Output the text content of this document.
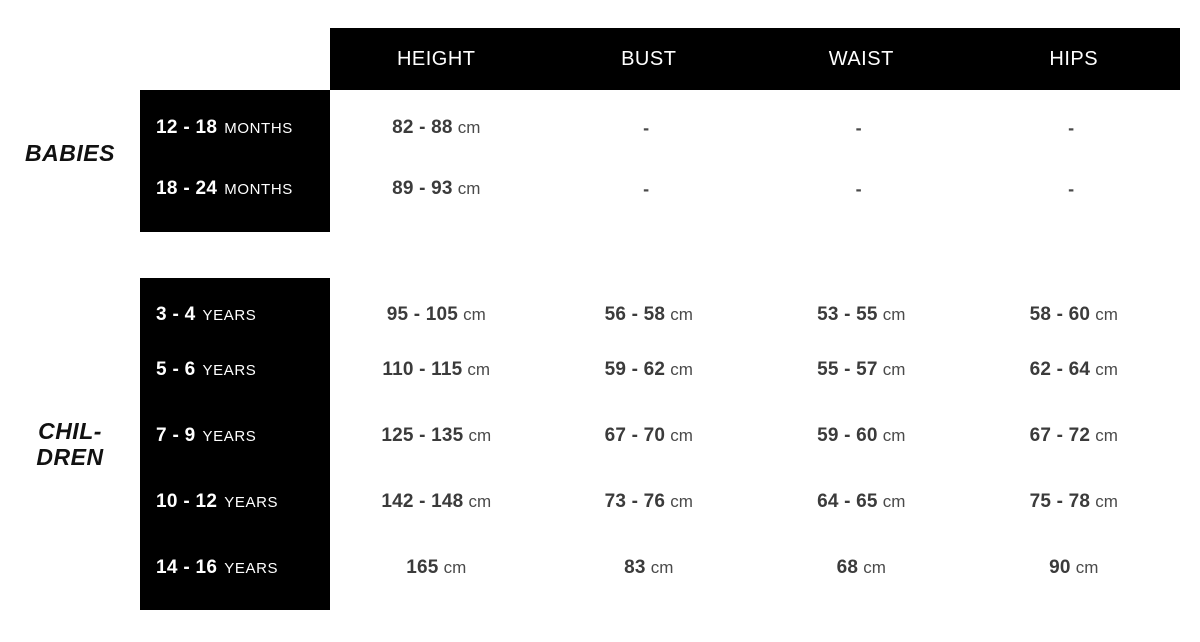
HEIGHT	BUST	WAIST	HIPS
BABIES
CHIL-
DREN
12 - 18 MONTHS	82 - 88 cm	-	-	-
18 - 24 MONTHS	89 - 93 cm	-	-	-
3 - 4 YEARS	95 - 105 cm	56 - 58 cm	53 - 55 cm	58 - 60 cm
5 - 6 YEARS	110 - 115 cm	59 - 62 cm	55 - 57 cm	62 - 64 cm
7 - 9 YEARS	125 - 135 cm	67 - 70 cm	59 - 60 cm	67 - 72 cm
10 - 12 YEARS	142 - 148 cm	73 - 76 cm	64 - 65 cm	75 - 78 cm
14 - 16 YEARS	165 cm	83 cm	68 cm	90 cm
